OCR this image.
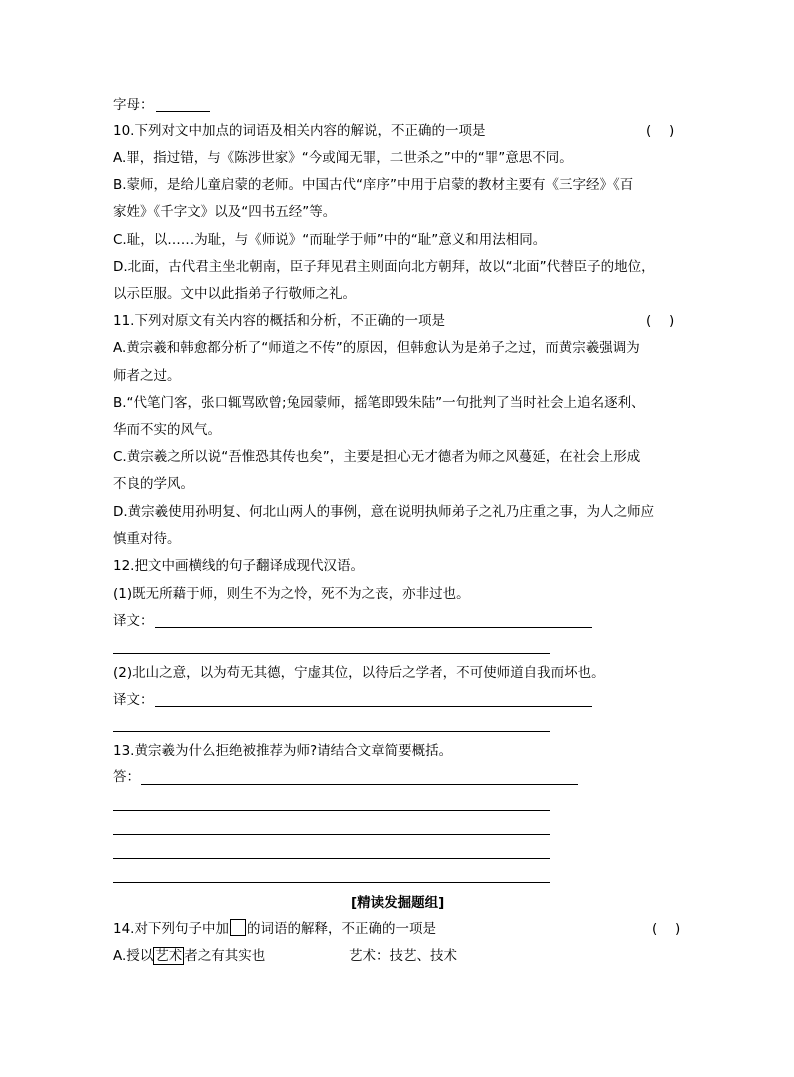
字母：
10.下列对文中加点的词语及相关内容的解说，不正确的一项是	(　 )
A.罪，指过错，与《陈涉世家》“今或闻无罪，二世杀之”中的“罪”意思不同。
B.蒙师，是给儿童启蒙的老师。中国古代“庠序”中用于启蒙的教材主要有《三字经》《百
家姓》《千字文》以及“四书五经”等。
C.耻，以……为耻，与《师说》“而耻学于师”中的“耻”意义和用法相同。
D.北面，古代君主坐北朝南，臣子拜见君主则面向北方朝拜，故以“北面”代替臣子的地位，
以示臣服。文中以此指弟子行敬师之礼。
11.下列对原文有关内容的概括和分析，不正确的一项是	(　 )
A.黄宗羲和韩愈都分析了“师道之不传”的原因，但韩愈认为是弟子之过，而黄宗羲强调为
师者之过。
B.“代笔门客，张口辄骂欧曾;兔园蒙师，摇笔即毁朱陆”一句批判了当时社会上追名逐利、
华而不实的风气。
C.黄宗羲之所以说“吾惟恐其传也矣”，主要是担心无才德者为师之风蔓延，在社会上形成
不良的学风。
D.黄宗羲使用孙明复、何北山两人的事例，意在说明执师弟子之礼乃庄重之事，为人之师应
慎重对待。
12.把文中画横线的句子翻译成现代汉语。
(1)既无所藉于师，则生不为之怜，死不为之丧，亦非过也。
译文：
(2)北山之意，以为苟无其德，宁虚其位，以待后之学者，不可使师道自我而坏也。
译文：
13.黄宗羲为什么拒绝被推荐为师?请结合文章简要概括。
答：
[精读发掘题组]
14.对下列句子中加 的词语的解释，不正确的一项是	(　 )
A.授以 艺术 者之有其实也	艺术：技艺、技术
